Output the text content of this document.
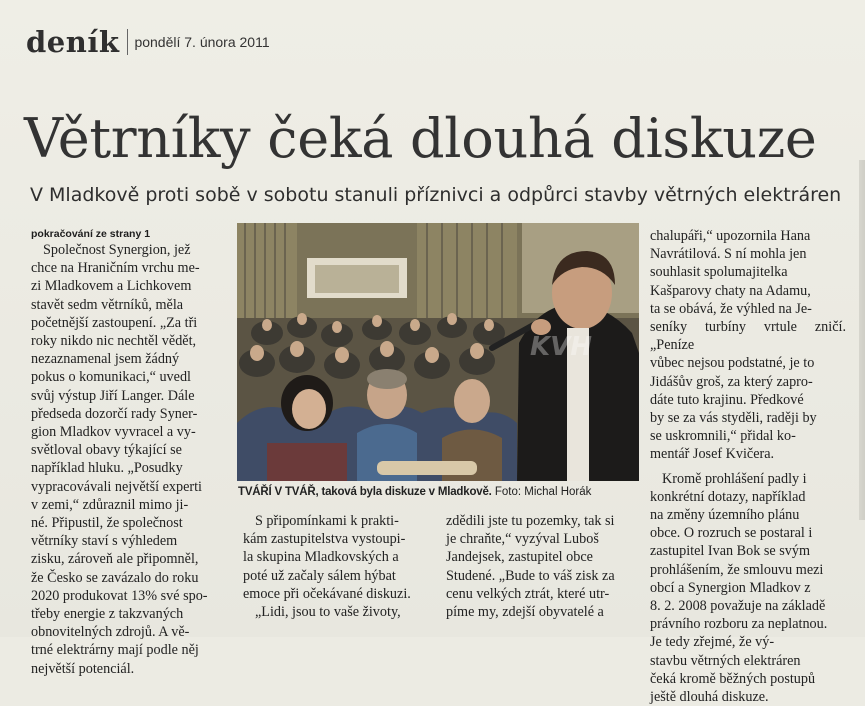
deník pondělí 7. února 2011
Větrníky čeká dlouhá diskuze

V Mladkově proti sobě v sobotu stanuli příznivci a odpůrci stavby větrných elektráren

pokračování ze strany 1

Společnost Synergion, jež

chce na Hraničním vrchu me-

zi Mladkovem a Lichkovem

stavět sedm větrníků, měla

početnější zastoupení. „Za tři

roky nikdo nic nechtěl vědět,

nezaznamenal jsem žádný

pokus o komunikaci,“ uvedl

svůj výstup Jiří Langer. Dále

předseda dozorčí rady Syner-

gion Mladkov vyvracel a vy-

světloval obavy týkající se

například hluku. „Posudky

vypracovávali největší experti

v zemi,“ zdůraznil mimo ji-

né. Připustil, že společnost

větrníky staví s výhledem

zisku, zároveň ale připomněl,

že Česko se zavázalo do roku

2020 produkovat 13% své spo-

třeby energie z takzvaných

obnovitelných zdrojů. A vě-

trné elektrárny mají podle něj

největší potenciál.

KVH

TVÁŘÍ V TVÁŘ, taková byla diskuze v Mladkově. Foto: Michal Horák

S připomínkami k prakti-

kám zastupitelstva vystoupi-

la skupina Mladkovských a

poté už začaly sálem hýbat

emoce při očekávané diskuzi.

„Lidi, jsou to vaše životy,

zdědili jste tu pozemky, tak si

je chraňte,“ vyzýval Luboš

Jandejsek, zastupitel obce

Studené. „Bude to váš zisk za

cenu velkých ztrát, které utr-

píme my, zdejší obyvatelé a

chalupáři,“ upozornila Hana

Navrátilová. S ní mohla jen

souhlasit spolumajitelka

Kašparovy chaty na Adamu,

ta se obává, že výhled na Je-

seníky turbíny vrtule zničí. „Peníze

vůbec nejsou podstatné, je to

Jidášův groš, za který zapro-

dáte tuto krajinu. Předkové

by se za vás styděli, raději by

se uskromnili,“ přidal ko-

mentář Josef Kvičera.

Kromě prohlášení padly i

konkrétní dotazy, například

na změny územního plánu

obce. O rozruch se postaral i

zastupitel Ivan Bok se svým

prohlášením, že smlouvu mezi

obcí a Synergion Mladkov z

8. 2. 2008 považuje na základě

právního rozboru za neplatnou.

Je tedy zřejmé, že vý-

stavbu větrných elektráren

čeká kromě běžných postupů

ještě dlouhá diskuze.
